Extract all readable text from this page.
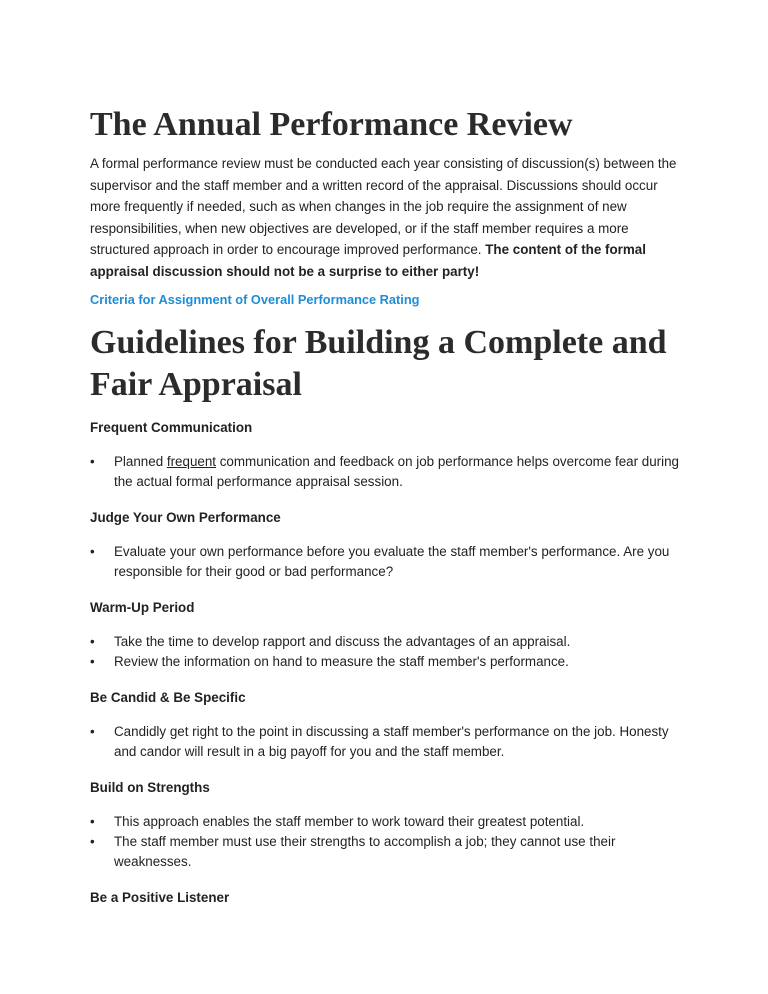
The Annual Performance Review

A formal performance review must be conducted each year consisting of discussion(s) between the supervisor and the staff member and a written record of the appraisal. Discussions should occur more frequently if needed, such as when changes in the job require the assignment of new responsibilities, when new objectives are developed, or if the staff member requires a more structured approach in order to encourage improved performance. The content of the formal appraisal discussion should not be a surprise to either party!

Criteria for Assignment of Overall Performance Rating
Guidelines for Building a Complete and Fair Appraisal
Frequent Communication
• Planned frequent communication and feedback on job performance helps overcome fear during the actual formal performance appraisal session.
Judge Your Own Performance
• Evaluate your own performance before you evaluate the staff member's performance. Are you responsible for their good or bad performance?
Warm-Up Period
• Take the time to develop rapport and discuss the advantages of an appraisal.
• Review the information on hand to measure the staff member's performance.
Be Candid & Be Specific
• Candidly get right to the point in discussing a staff member's performance on the job. Honesty and candor will result in a big payoff for you and the staff member.
Build on Strengths
• This approach enables the staff member to work toward their greatest potential.
• The staff member must use their strengths to accomplish a job; they cannot use their weaknesses.
Be a Positive Listener
